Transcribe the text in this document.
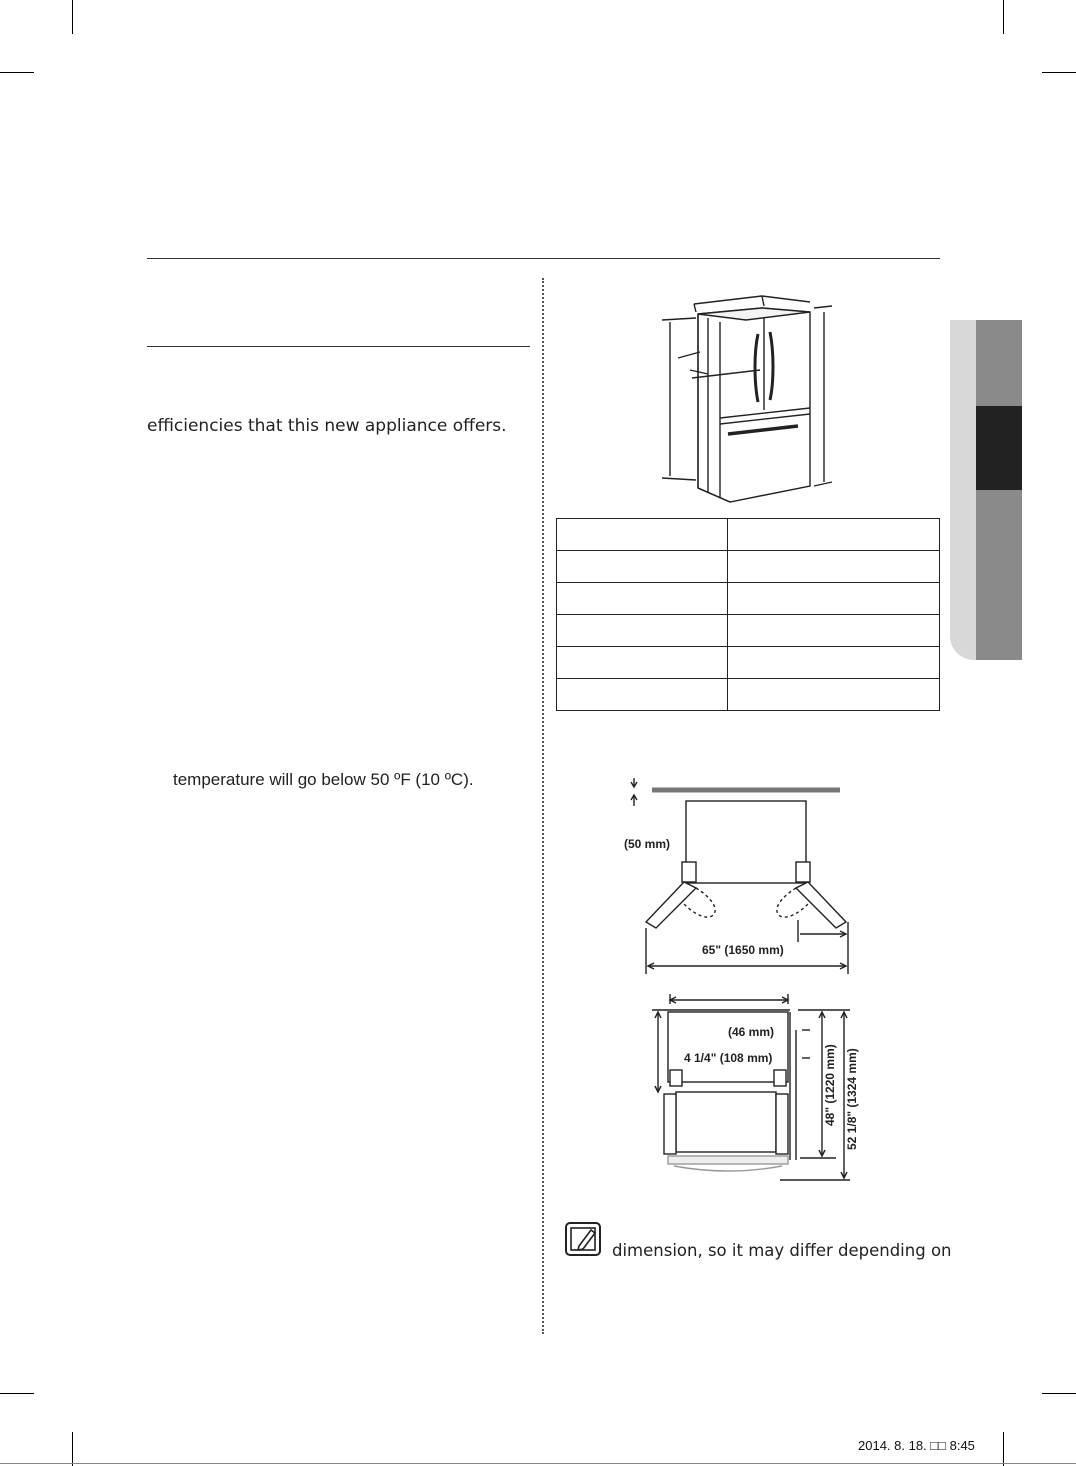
efficiencies that this new appliance offers.
temperature will go below 50 ºF (10 ºC).

(50 mm)
65" (1650 mm)
(46 mm)
4 1/4" (108 mm)	48" (1220 mm) 52 1/8" (1324 mm)
dimension, so it may differ depending on
2014. 8. 18. □□ 8:45
